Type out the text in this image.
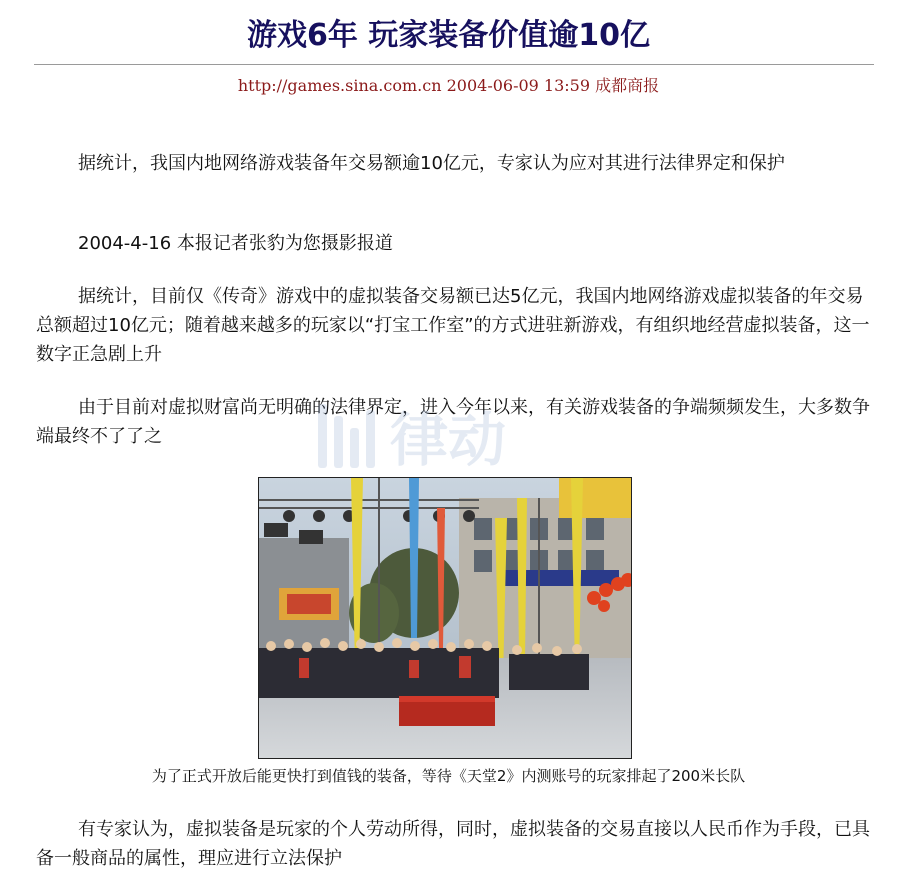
游戏6年 玩家装备价值逾10亿
http://games.sina.com.cn 2004-06-09 13:59 成都商报

据统计，我国内地网络游戏装备年交易额逾10亿元，专家认为应对其进行法律界定和保护

2004-4-16 本报记者张豹为您摄影报道

据统计，目前仅《传奇》游戏中的虚拟装备交易额已达5亿元，我国内地网络游戏虚拟装备的年交易总额超过10亿元；随着越来越多的玩家以“打宝工作室”的方式进驻新游戏，有组织地经营虚拟装备，这一数字正急剧上升

由于目前对虚拟财富尚无明确的法律界定，进入今年以来，有关游戏装备的争端频频发生，大多数争端最终不了了之	律动
为了正式开放后能更快打到值钱的装备，等待《天堂2》内测账号的玩家排起了200米长队

有专家认为，虚拟装备是玩家的个人劳动所得，同时，虚拟装备的交易直接以人民币作为手段，已具备一般商品的属性，理应进行立法保护
